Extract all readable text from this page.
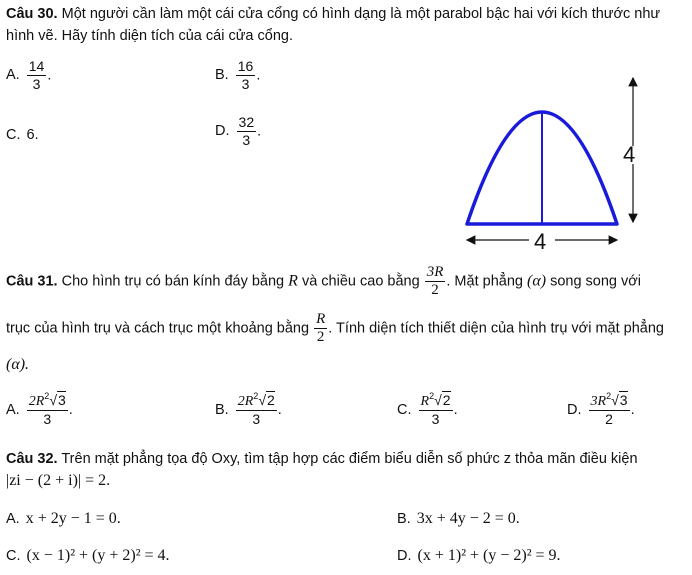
Câu 30. Một người cần làm một cái cửa cổng có hình dạng là một parabol bậc hai với kích thước như
hình vẽ. Hãy tính diện tích của cái cửa cổng.
A. $\frac{14}{3}$ .	B. $\frac{16}{3}$ .
C. 6.	D. $\frac{32}{3}$ .
4
4
Câu 31. Cho hình trụ có bán kính đáy bằng R và chiều cao bằng $\frac{3R}{2}$ . Mặt phẳng (α) song song với
trục của hình trụ và cách trục một khoảng bằng $\frac{R}{2}$ . Tính diện tích thiết diện của hình trụ với mặt phẳng
(α).
A. $\frac{2R^2√3}{3}$ .	B. $\frac{2R^2√2}{3}$ .	C. $\frac{R^2√2}{3}$ .	D. $\frac{3R^2√3}{2}$ .
Câu 32. Trên mặt phẳng tọa độ Oxy, tìm tập hợp các điểm biểu diễn số phức z thỏa mãn điều kiện
|zi − (2 + i)| = 2.
A. x + 2y − 1 = 0.	B. 3x + 4y − 2 = 0.
C. (x − 1)² + (y + 2)² = 4.	D. (x + 1)² + (y − 2)² = 9.
